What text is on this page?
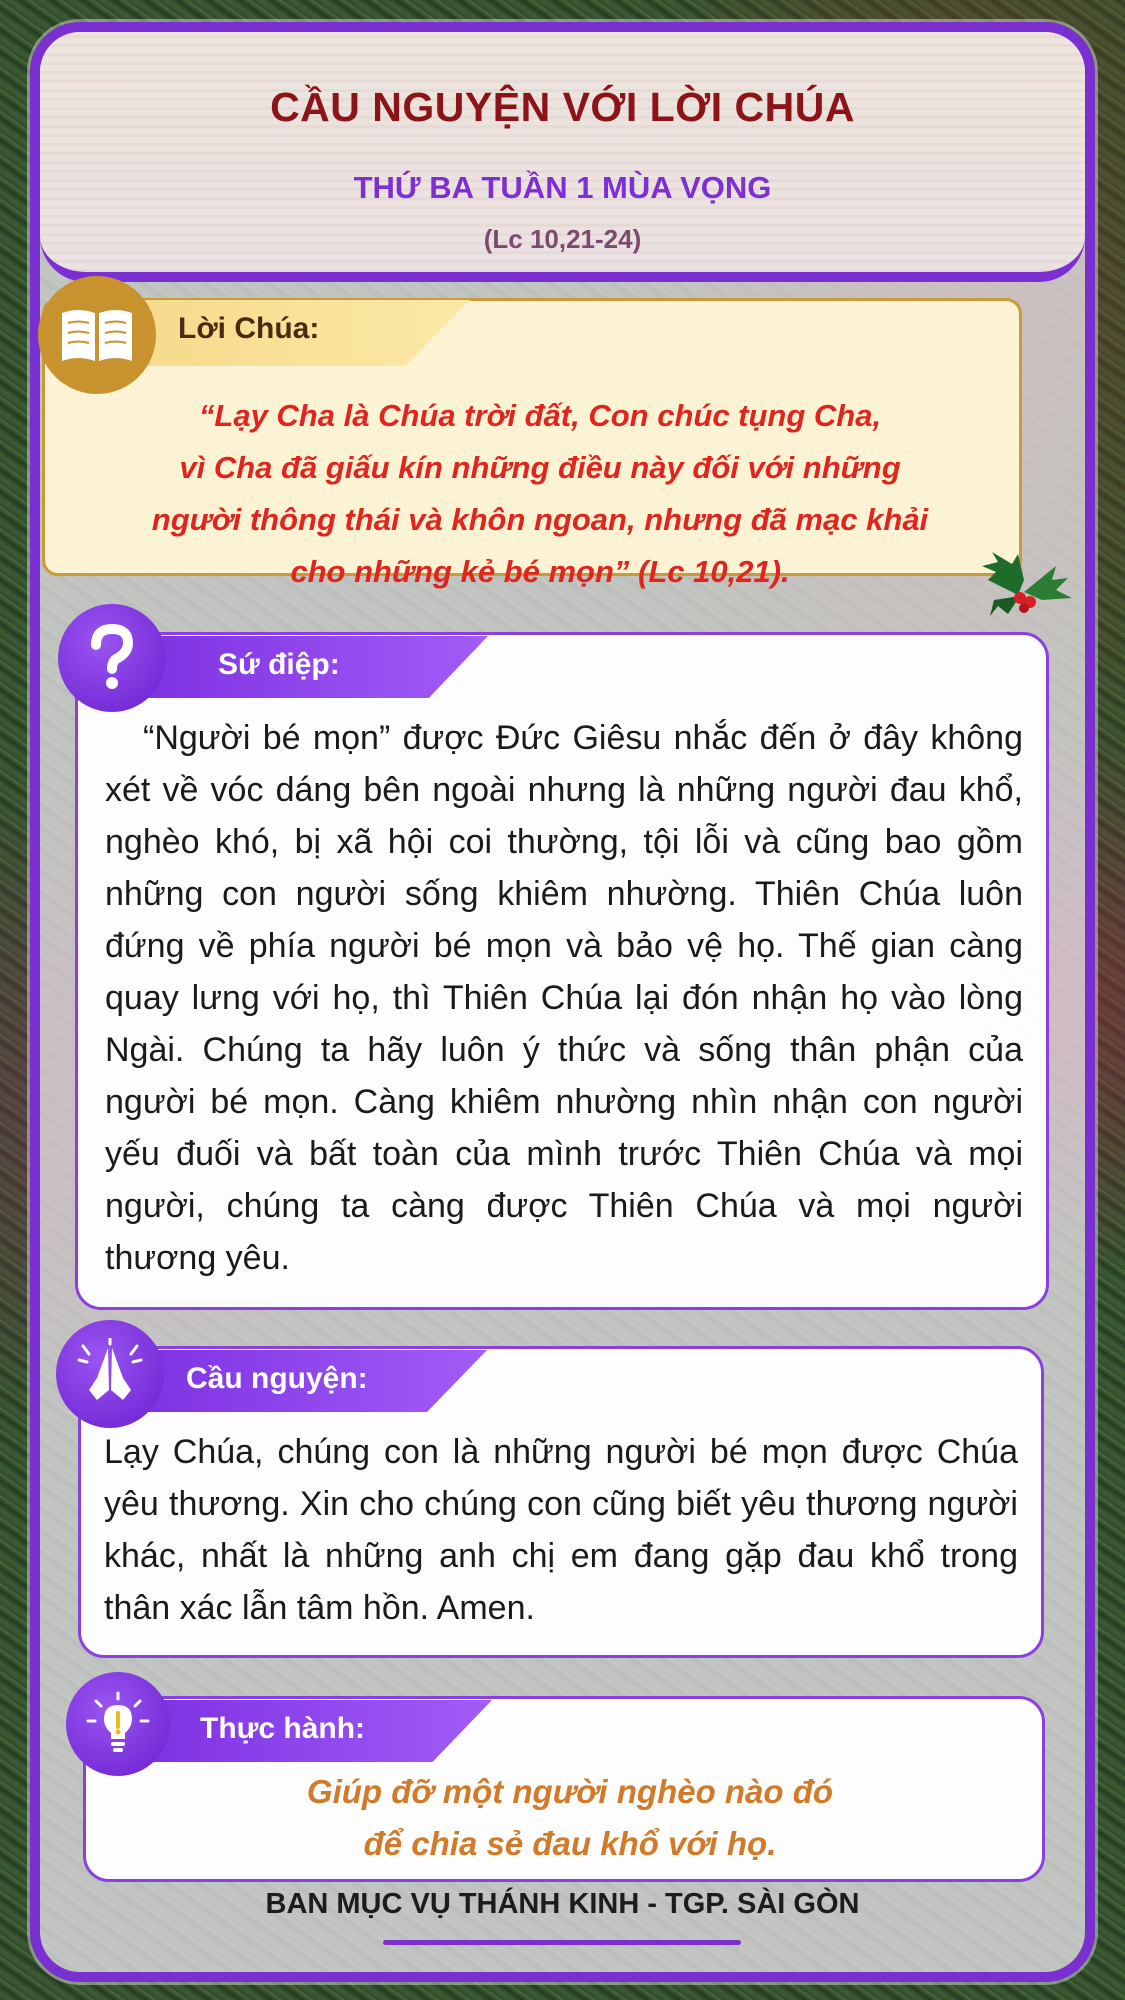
CẦU NGUYỆN VỚI LỜI CHÚA
THỨ BA TUẦN 1 MÙA VỌNG
(Lc 10,21-24)
Lời Chúa:
“Lạy Cha là Chúa trời đất, Con chúc tụng Cha,
vì Cha đã giấu kín những điều này đối với những
người thông thái và khôn ngoan, nhưng đã mạc khải
cho những kẻ bé mọn” (Lc 10,21).
Sứ điệp:
“Người bé mọn” được Đức Giêsu nhắc đến ở đây không xét về vóc dáng bên ngoài nhưng là những người đau khổ, nghèo khó, bị xã hội coi thường, tội lỗi và cũng bao gồm những con người sống khiêm nhường. Thiên Chúa luôn đứng về phía người bé mọn và bảo vệ họ. Thế gian càng quay lưng với họ, thì Thiên Chúa lại đón nhận họ vào lòng Ngài. Chúng ta hãy luôn ý thức và sống thân phận của người bé mọn. Càng khiêm nhường nhìn nhận con người yếu đuối và bất toàn của mình trước Thiên Chúa và mọi người, chúng ta càng được Thiên Chúa và mọi người thương yêu.
Cầu nguyện:
Lạy Chúa, chúng con là những người bé mọn được Chúa yêu thương. Xin cho chúng con cũng biết yêu thương người khác, nhất là những anh chị em đang gặp đau khổ trong thân xác lẫn tâm hồn. Amen.
Thực hành:
Giúp đỡ một người nghèo nào đó
để chia sẻ đau khổ với họ.
BAN MỤC VỤ THÁNH KINH - TGP. SÀI GÒN
